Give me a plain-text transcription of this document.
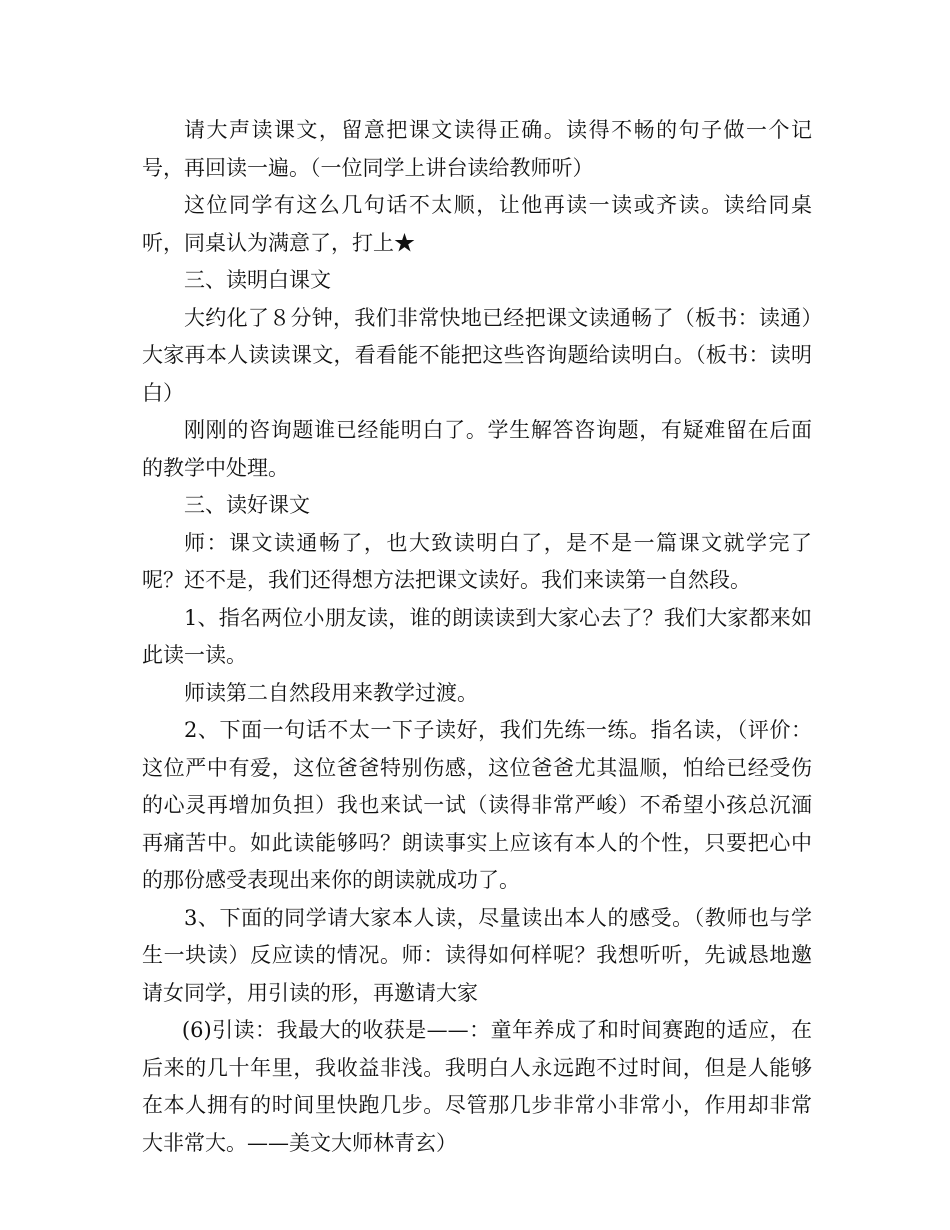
请大声读课文，留意把课文读得正确。读得不畅的句子做一个记号，再回读一遍。（一位同学上讲台读给教师听）

这位同学有这么几句话不太顺，让他再读一读或齐读。读给同桌听，同桌认为满意了，打上★

三、读明白课文

大约化了８分钟，我们非常快地已经把课文读通畅了（板书：读通）大家再本人读读课文，看看能不能把这些咨询题给读明白。（板书：读明白）

刚刚的咨询题谁已经能明白了。学生解答咨询题，有疑难留在后面的教学中处理。

三、读好课文

师：课文读通畅了，也大致读明白了，是不是一篇课文就学完了呢？还不是，我们还得想方法把课文读好。我们来读第一自然段。

1、指名两位小朋友读，谁的朗读读到大家心去了？我们大家都来如此读一读。

师读第二自然段用来教学过渡。

2、下面一句话不太一下子读好，我们先练一练。指名读，（评价：这位严中有爱，这位爸爸特别伤感，这位爸爸尤其温顺，怕给已经受伤的心灵再增加负担）我也来试一试（读得非常严峻）不希望小孩总沉湎再痛苦中。如此读能够吗？朗读事实上应该有本人的个性，只要把心中的那份感受表现出来你的朗读就成功了。

3、下面的同学请大家本人读，尽量读出本人的感受。（教师也与学生一块读）反应读的情况。师：读得如何样呢？我想听听，先诚恳地邀请女同学，用引读的形，再邀请大家

(6)引读：我最大的收获是——：童年养成了和时间赛跑的适应，在后来的几十年里，我收益非浅。我明白人永远跑不过时间，但是人能够在本人拥有的时间里快跑几步。尽管那几步非常小非常小，作用却非常大非常大。——美文大师林青玄）
